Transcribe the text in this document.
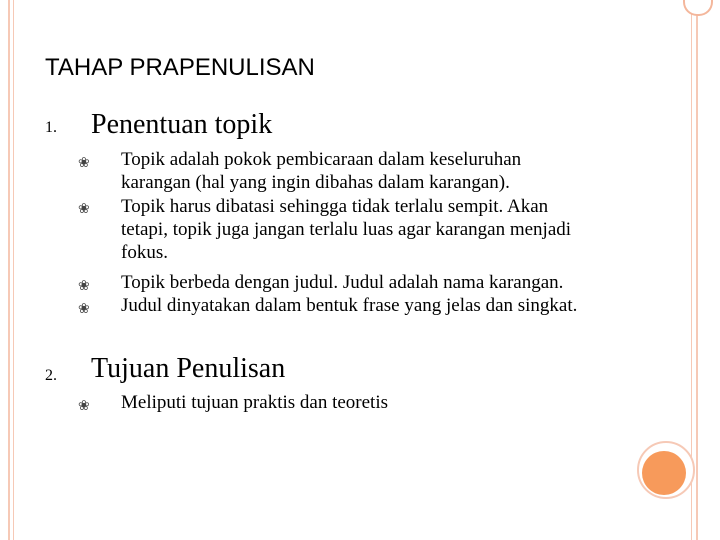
TAHAP PRAPENULISAN
1. Penentuan topik
❀
❀
❀
❀
Topik adalah pokok pembicaraan dalam keseluruhan
karangan (hal yang ingin dibahas dalam karangan).
Topik harus dibatasi sehingga tidak terlalu sempit. Akan
tetapi, topik juga jangan terlalu luas agar karangan menjadi
fokus.
Topik berbeda dengan judul. Judul adalah nama karangan.
Judul dinyatakan dalam bentuk frase yang jelas dan singkat.
2. Tujuan Penulisan
❀ Meliputi tujuan praktis dan teoretis
